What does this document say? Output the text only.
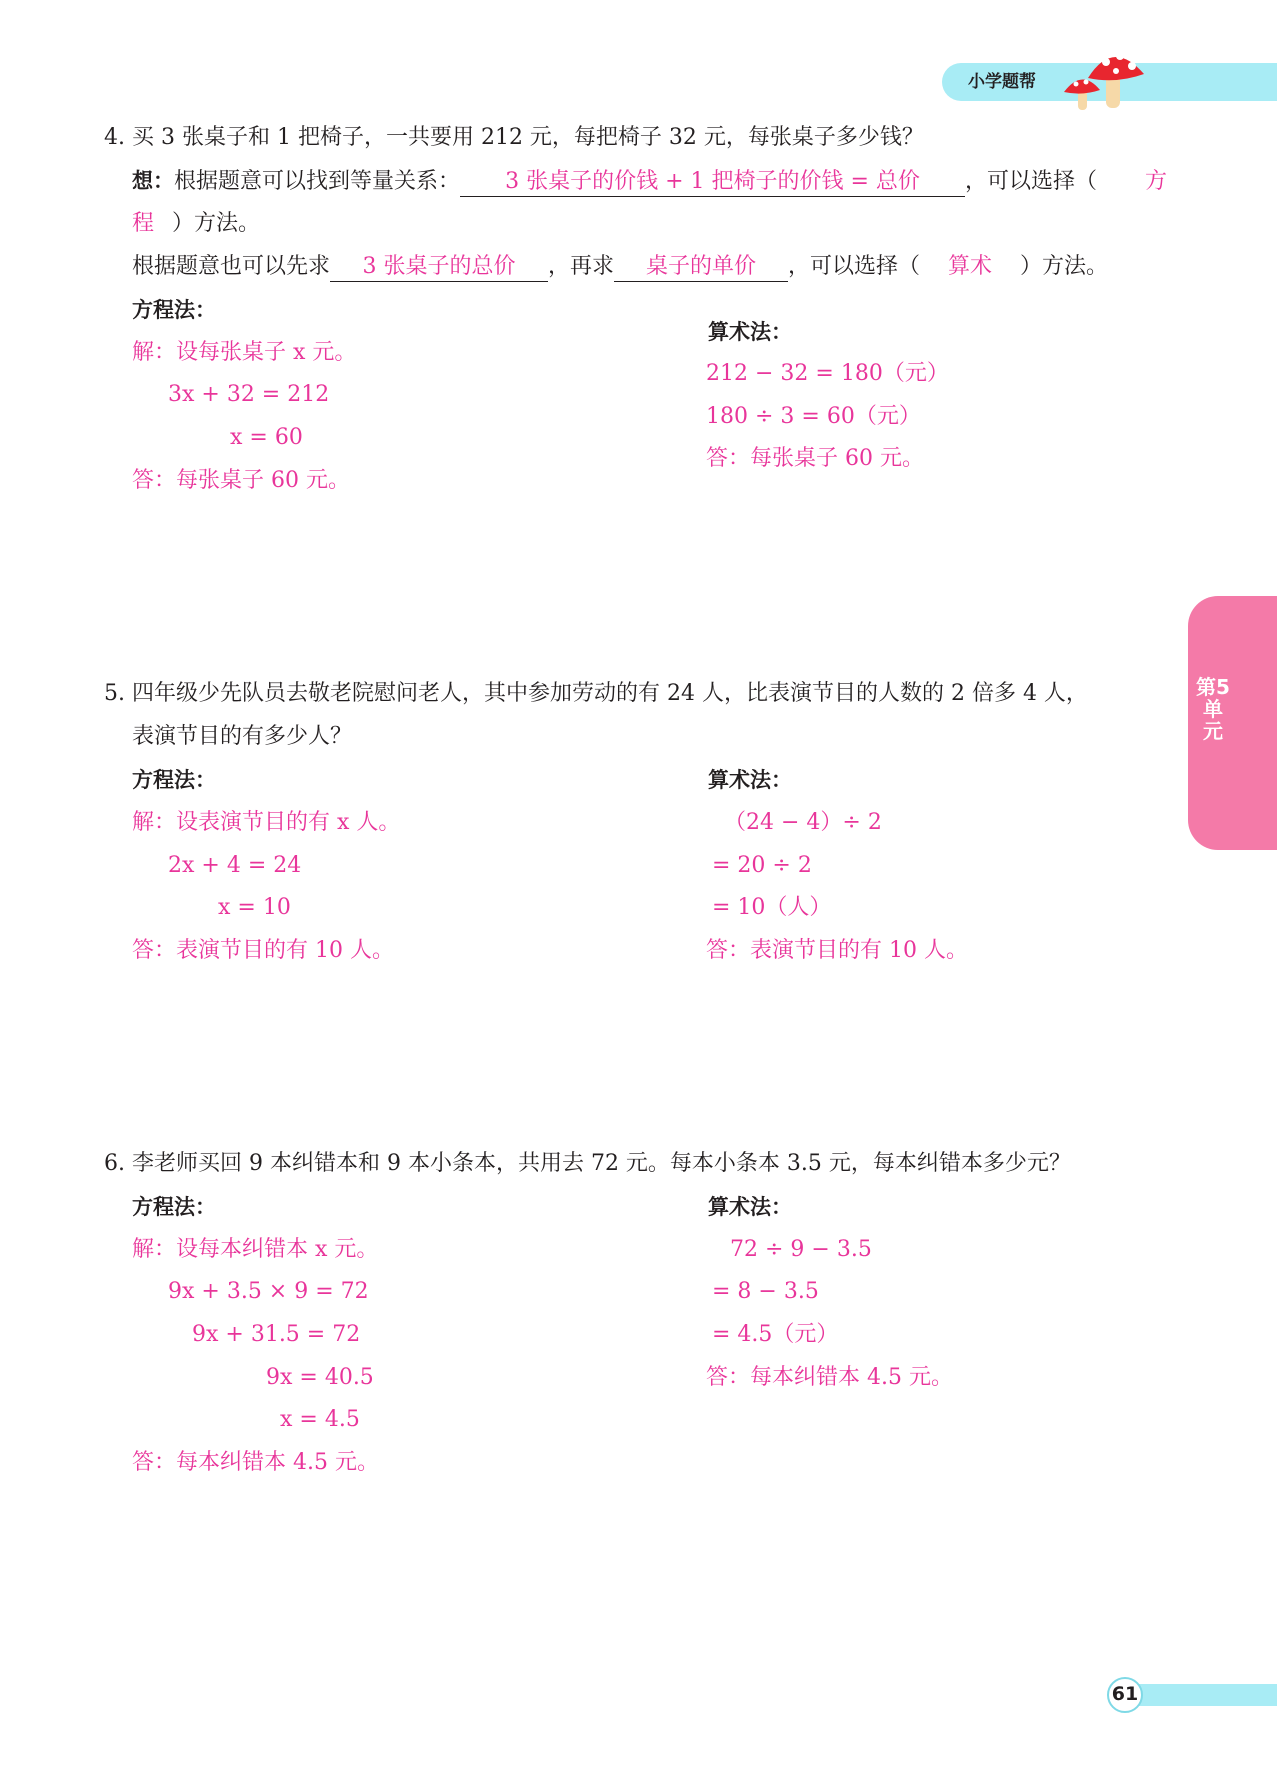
小学题帮
第5单元
4. 买 3 张桌子和 1 把椅子，一共要用 212 元，每把椅子 32 元，每张桌子多少钱？
想：根据题意可以找到等量关系： 3 张桌子的价钱 + 1 把椅子的价钱 = 总价 ，可以选择（ 方
程 ）方法。
根据题意也可以先求 3 张桌子的总价 ，再求 桌子的单价 ，可以选择（ 算术 ）方法。
方程法：
解：设每张桌子 x 元。
3x + 32 = 212
x = 60
答：每张桌子 60 元。
算术法：
212 − 32 = 180（元）
180 ÷ 3 = 60（元）
答：每张桌子 60 元。
5. 四年级少先队员去敬老院慰问老人，其中参加劳动的有 24 人，比表演节目的人数的 2 倍多 4 人，
表演节目的有多少人？
方程法：
解：设表演节目的有 x 人。
2x + 4 = 24
x = 10
答：表演节目的有 10 人。
算术法：
（24 − 4）÷ 2
= 20 ÷ 2
= 10（人）
答：表演节目的有 10 人。
6. 李老师买回 9 本纠错本和 9 本小条本，共用去 72 元。每本小条本 3.5 元，每本纠错本多少元？
方程法：
解：设每本纠错本 x 元。
9x + 3.5 × 9 = 72
9x + 31.5 = 72
9x = 40.5
x = 4.5
答：每本纠错本 4.5 元。
算术法：
72 ÷ 9 − 3.5
= 8 − 3.5
= 4.5（元）
答：每本纠错本 4.5 元。
61
